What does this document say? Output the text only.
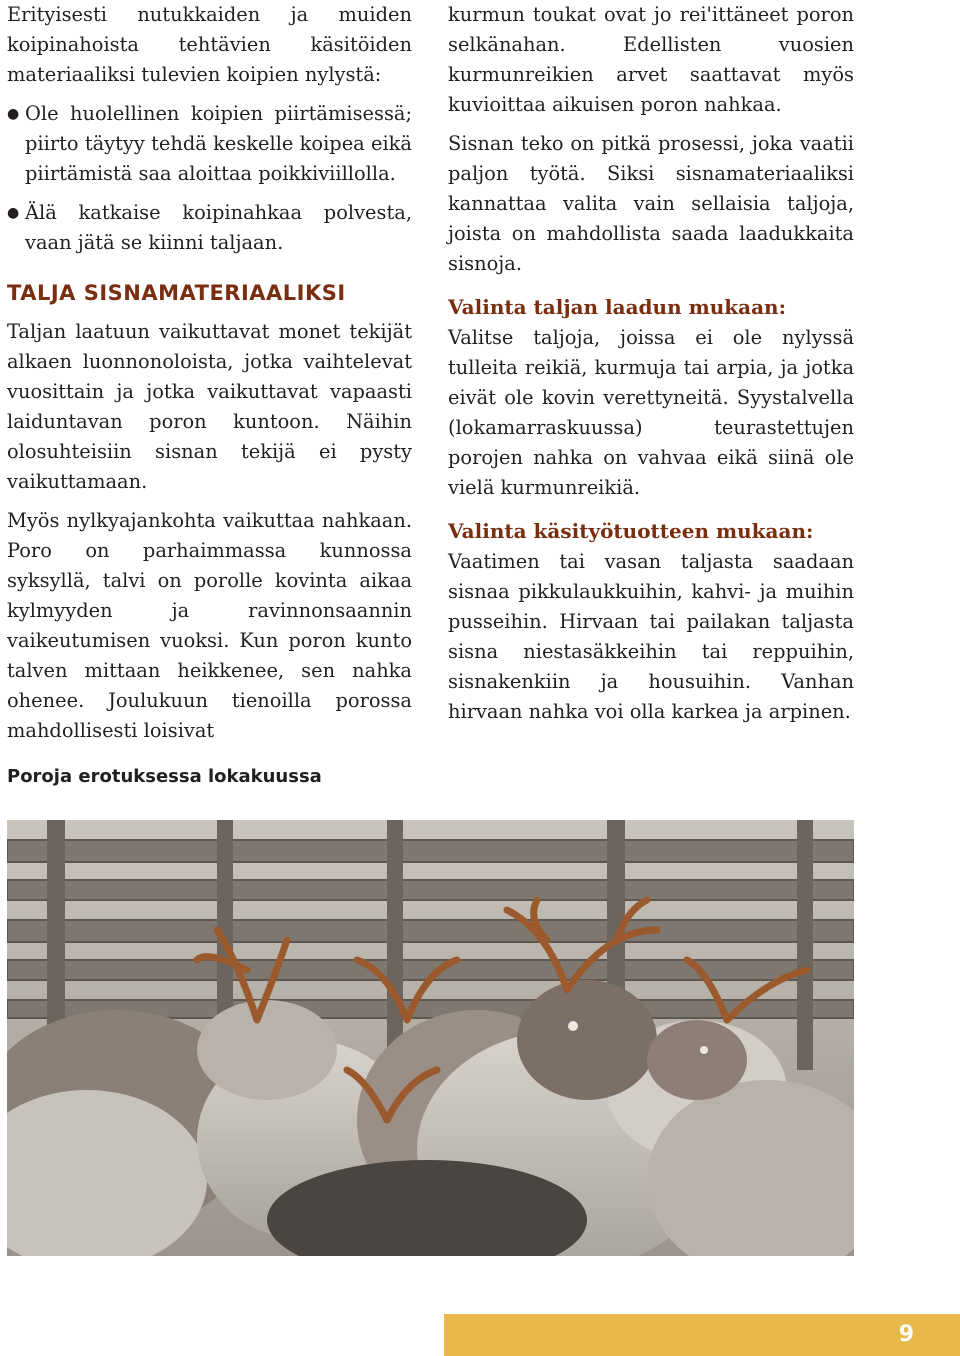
Erityisesti nutukkaiden ja muiden koipinahoista tehtävien käsitöiden materiaaliksi tulevien koipien nylystä:

● Ole huolellinen koipien piirtämisessä; piirto täytyy tehdä keskelle koipea eikä piirtämistä saa aloittaa poikkiviillolla.
● Älä katkaise koipinahkaa polvesta, vaan jätä se kiinni taljaan.
TALJA SISNAMATERIAALIKSI

Taljan laatuun vaikuttavat monet tekijät alkaen luonnonoloista, jotka vaihtelevat vuosittain ja jotka vaikuttavat vapaasti laiduntavan poron kuntoon. Näihin olosuhteisiin sisnan tekijä ei pysty vaikuttamaan.

Myös nylkyajankohta vaikuttaa nahkaan. Poro on parhaimmassa kunnossa syksyllä, talvi on porolle kovinta aikaa kylmyyden ja ravinnonsaannin vaikeutumisen vuoksi. Kun poron kunto talven mittaan heikkenee, sen nahka ohenee. Joulukuun tienoilla porossa mahdollisesti loisivat

kurmun toukat ovat jo rei'ittäneet poron selkänahan. Edellisten vuosien kurmunreikien arvet saattavat myös kuvioittaa aikuisen poron nahkaa.

Sisnan teko on pitkä prosessi, joka vaatii paljon työtä. Siksi sisnamateriaaliksi kannattaa valita vain sellaisia taljoja, joista on mahdollista saada laadukkaita sisnoja.

Valinta taljan laadun mukaan:

Valitse taljoja, joissa ei ole nylyssä tulleita reikiä, kurmuja tai arpia, ja jotka eivät ole kovin verettyneitä. Syystalvella (lokamarraskuussa) teurastettujen porojen nahka on vahvaa eikä siinä ole vielä kurmunreikiä.

Valinta käsityötuotteen mukaan:

Vaatimen tai vasan taljasta saadaan sisnaa pikkulaukkuihin, kahvi- ja muihin pusseihin. Hirvaan tai pailakan taljasta sisna niestasäkkeihin tai reppuihin, sisnakenkiin ja housuihin. Vanhan hirvaan nahka voi olla karkea ja arpinen.

Poroja erotuksessa lokakuussa
9
